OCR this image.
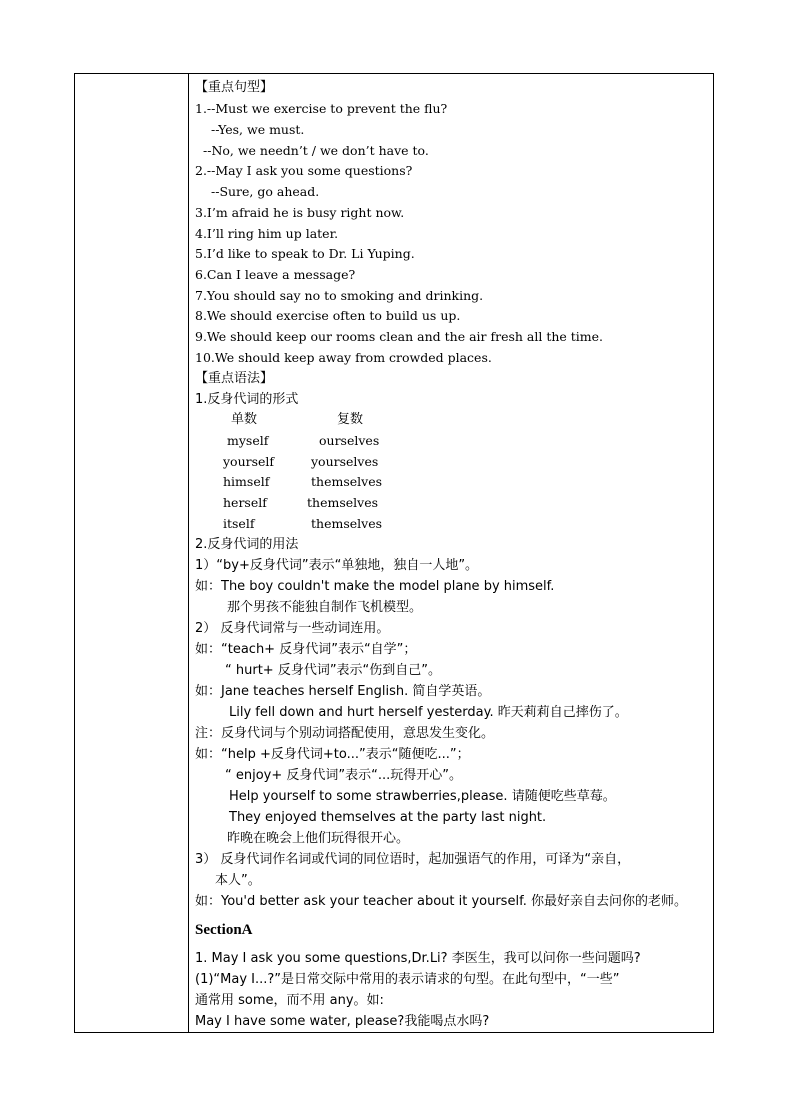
【重点句型】
1.--Must we exercise to prevent the flu?
--Yes, we must.
--No, we needn’t / we don’t have to.
2.--May I ask you some questions?
--Sure, go ahead.
3.I’m afraid he is busy right now.
4.I’ll ring him up later.
5.I’d like to speak to Dr. Li Yuping.
6.Can I leave a message?
7.You should say no to smoking and drinking.
8.We should exercise often to build us up.
9.We should keep our rooms clean and the air fresh all the time.
10.We should keep away from crowded places.
【重点语法】
1.反身代词的形式
单数	复数
myself	ourselves
yourself	yourselves
himself	themselves
herself	themselves
itself	themselves
2.反身代词的用法
1）“by+反身代词”表示“单独地，独自一人地”。
如：The boy couldn't make the model plane by himself.
那个男孩不能独自制作飞机模型。
2） 反身代词常与一些动词连用。
如：“teach+ 反身代词”表示“自学”；
“ hurt+ 反身代词”表示“伤到自己”。
如：Jane teaches herself English. 简自学英语。
Lily fell down and hurt herself yesterday. 昨天莉莉自己摔伤了。
注：反身代词与个别动词搭配使用，意思发生变化。
如：“help +反身代词+to...”表示“随便吃...”；
“ enjoy+ 反身代词”表示“...玩得开心”。
Help yourself to some strawberries,please. 请随便吃些草莓。
They enjoyed themselves at the party last night.
昨晚在晚会上他们玩得很开心。
3） 反身代词作名词或代词的同位语时，起加强语气的作用，可译为“亲自，
本人”。
如：You'd better ask your teacher about it yourself. 你最好亲自去问你的老师。
SectionA
1. May I ask you some questions,Dr.Li? 李医生，我可以问你一些问题吗?
(1)“May I...?”是日常交际中常用的表示请求的句型。在此句型中，“一些”
通常用 some，而不用 any。如:
May I have some water, please?我能喝点水吗?
